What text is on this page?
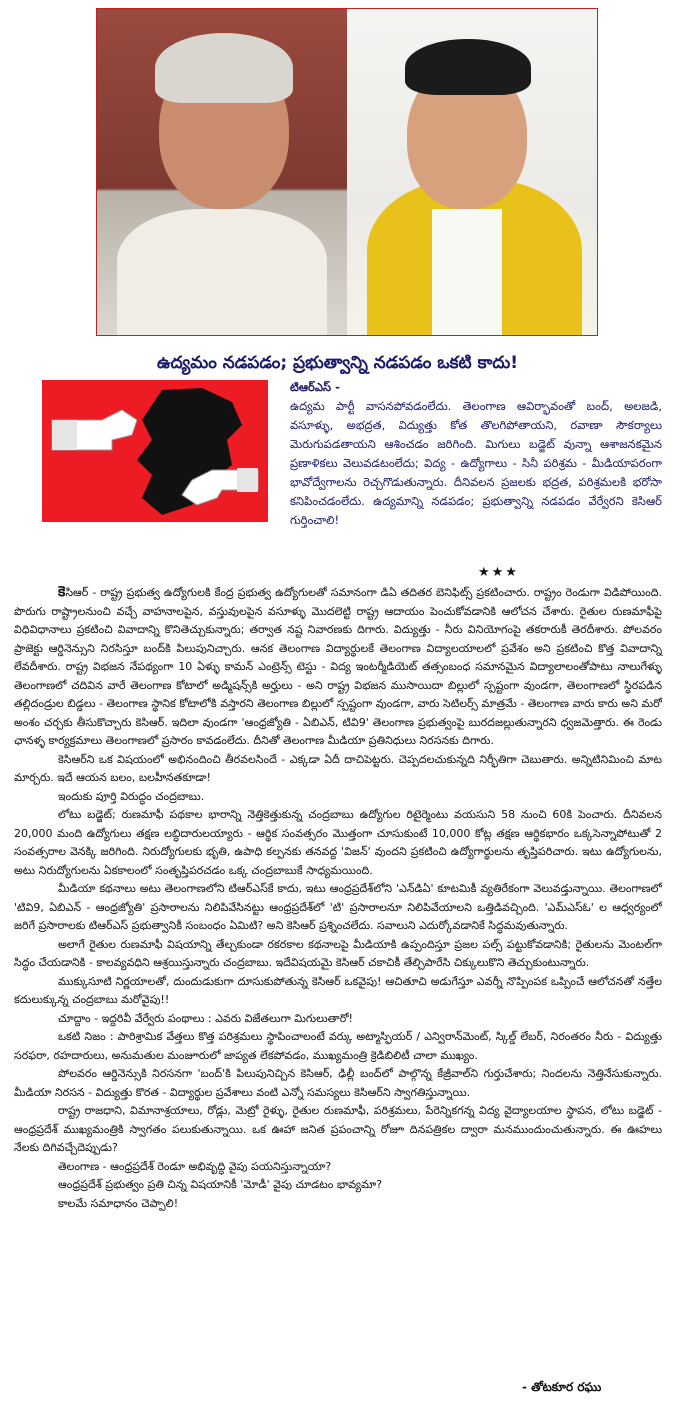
ఉద్యమం నడపడం; ప్రభుత్వాన్ని నడపడం ఒకటి కాదు!

టిఆర్ఎస్ -

ఉద్యమ పార్టీ వాసనపోవడంలేదు. తెలంగాణ ఆవిర్భావంతో బంద్, అలజడి, వసూళ్ళు, అభద్రత, విద్యుత్తు కోత తొలగిపోతాయని, రవాణా సౌకర్యాలు మెరుగుపడతాయని ఆశించడం జరిగింది. మిగులు బడ్జెట్ వున్నా ఆశాజనకమైన ప్రణాళికలు వెలువడటంలేదు; విద్య - ఉద్యోగాలు - సినీ పరిశ్రమ - మీడియాపరంగా భావోద్వేగాలను రెచ్చగొడుతున్నారు. దీనివలన ప్రజలకు భద్రత, పరిశ్రమలకి భరోసా కనిపించడంలేదు. ఉద్యమాన్ని నడపడం; ప్రభుత్వాన్ని నడపడం వేర్వేరని కెసిఆర్ గుర్తించాలి!

★★★

కెసిఆర్ - రాష్ట్ర ప్రభుత్వ ఉద్యోగులకి కేంద్ర ప్రభుత్వ ఉద్యోగులతో సమానంగా డిఏ తదితర బెనిఫిట్స్ ప్రకటించారు. రాష్ట్రం రెండుగా విడిపోయింది. పొరుగు రాష్ట్రాలనుంచి వచ్చే వాహనాలపైన, వస్తువులపైన వసూళ్ళు మొదలెట్టి రాష్ట్ర ఆదాయం పెంచుకోవడానికి ఆలోచన చేశారు. రైతుల రుణమాఫీపై విధివిధానాలు ప్రకటించి వివాదాన్ని కొనితెచ్చుకున్నారు; తర్వాత నష్ట నివారణకు దిగారు. విద్యుత్తు - నీరు వినియోగంపై తకరారుకీ తెరదీశారు. పోలవరం ప్రాజెక్టు ఆర్డినెన్సుని నిరసిస్తూ బంద్‌కి పిలుపునిచ్చారు. ఆనక తెలంగాణ విద్యార్థులకే తెలంగాణ విద్యాలయాలలో ప్రవేశం అని ప్రకటించి కొత్త వివాదాన్ని లేవదీశారు. రాష్ట్ర విభజన నేపథ్యంగా 10 ఏళ్ళు కామన్ ఎంట్రెన్స్ టెస్టు - విద్య ఇంటర్మీడియెట్ తత్సంబంధ సమానమైన విద్యాలాలంతోపాటు నాలుగేళ్ళు తెలంగాణలో చదివిన వారే తెలంగాణ కోటాలో అడ్మిషన్స్‌కి అర్హులు - అని రాష్ట్ర విభజన ముసాయిదా బిల్లులో స్పష్టంగా వుండగా, తెలంగాణలో స్థిరపడిన తల్లిదండ్రుల బిడ్డలు - తెలంగాణ స్థానిక కోటాలోకి వస్తారని తెలంగాణ బిల్లులో స్పష్టంగా వుండగా, వారు సెటిలర్స్ మాత్రమే - తెలంగాణ వారు కారు అని మరో అంశం చర్చకు తీసుకొచ్చారు కెసిఆర్. ఇదిలా వుండగా 'ఆంధ్రజ్యోతి - ఏబిఎన్, టివి9' తెలంగాణ ప్రభుత్వంపై బురదజల్లుతున్నారని ధ్వజమెత్తారు. ఈ రెండు ఛానళ్ళ కార్యక్రమాలు తెలంగాణలో ప్రసారం కావడంలేదు. దీనితో తెలంగాణ మీడియా ప్రతినిధులు నిరసనకు దిగారు.

కెసిఆర్‌ని ఒక విషయంలో అభినందించి తీరవలసిందే - ఎక్కడా ఏదీ దాచిపెట్టరు. చెప్పదలచుకున్నది నిర్భీతిగా చెబుతారు. అన్నిటినిమించి మాట మార్చరు. ఇదే ఆయన బలం, బలహీనతకూడా!

ఇందుకు పూర్తి విరుద్ధం చంద్రబాబు.

లోటు బడ్జెట్; రుణమాఫీ పథకాల భారాన్ని నెత్తికెత్తుకున్న చంద్రబాబు ఉద్యోగుల రిటైర్మెంటు వయసుని 58 నుంచి 60కి పెంచారు. దీనివలన 20,000 మంది ఉద్యోగులు తక్షణ లబ్ధిదారులయ్యారు - ఆర్థిక సంవత్సరం మొత్తంగా చూసుకుంటే 10,000 కోట్ల తక్షణ ఆర్థికభారం ఒక్కసెన్నాపోటుతో 2 సంవత్సరాల వెనక్కి జరిగింది. నిరుద్యోగులకు భృతి, ఉపాధి కల్పనకు తనవద్ద 'విజన్' వుందని ప్రకటించి ఉద్యోగార్థులను తృప్తిపరిచారు. ఇటు ఉద్యోగులను, అటు నిరుద్యోగులను ఏకకాలంలో సంతృప్తిపరచడం ఒక్క చంద్రబాబుకే సాధ్యమయింది.

మీడియా కథనాలు అటు తెలంగాణలోని టిఆర్ఎస్‌కే కాదు, ఇటు ఆంధ్రప్రదేశ్‌లోని 'ఎన్‌డిఏ' కూటమికీ వ్యతిరేకంగా వెలువడ్తున్నాయి. తెలంగాణలో 'టివి9, ఏబిఎన్ - ఆంధ్రజ్యోతి' ప్రసారాలను నిలిపివేసినట్టు ఆంధ్రప్రదేశ్‌లో 'టి' ప్రసారాలనూ నిలిపివేయాలని ఒత్తిడివచ్చింది. 'ఎమ్ఎస్ఓ' ల ఆధ్వర్యంలో జరిగే ప్రసారాలకు టిఆర్ఎస్ ప్రభుత్వానికీ సంబంధం ఏమిటి? అని కెసిఆర్ ప్రశ్నించలేదు. సవాలుని ఎదుర్కోవడానికే సిద్ధమవుతున్నారు.

అలాగే రైతుల రుణమాఫీ విషయాన్ని తేల్చకుండా రకరకాల కథనాలపై మీడియాకి ఉప్పందిస్తూ ప్రజల పల్స్ పట్టుకోవడానికి; రైతులను మెంటల్‌గా సిద్ధం చేయడానికి - కాలవ్యవధిని ఆశ్రయిస్తున్నారు చంద్రబాబు. ఇదేవిషయమై కెసిఆర్ చకాచికీ తేల్చిపారేసి చిక్కులుకొని తెచ్చుకుంటున్నారు.

ముక్కుసూటి నిర్ణయాలతో, దుందుడుకుగా దూసుకుపోతున్న కెసిఆర్ ఒకవైపు! ఆచితూచి అడుగేస్తూ ఎవర్నీ నొప్పింపక ఒప్పించే ఆలోచనతో నత్తేల కదులుక్కున్న చంద్రబాబు మరోవైపు!!

చూద్దాం - ఇద్దరివీ వేర్వేరు పంథాలు : ఎవరు విజేతలుగా మిగులుతారో!

ఒకటి నిజం : పారిశ్రామిక వేత్తలు కొత్త పరిశ్రమలు స్థాపించాలంటే వర్కు అట్మాస్ఫియర్ / ఎన్విరాన్‌మెంట్, స్కిల్డ్ లేబర్, నిరంతరం నీరు - విద్యుత్తు సరఫరా, రహదారులు, అనుమతుల మంజూరులో జాప్యత లేకపోవడం, ముఖ్యమంత్రి క్రెడిబిలిటీ చాలా ముఖ్యం.

పోలవరం ఆర్డినెన్సుకి నిరసనగా 'బంద్'కి పిలుపునిచ్చిన కెసిఆర్, ఢిల్లీ బంద్‌లో పాల్గొన్న కేజ్రీవాల్‌ని గుర్తుచేశారు; నిందలను నెత్తినేసుకున్నారు. మీడియా నిరసన - విద్యుత్తు కొరత - విద్యార్థుల ప్రవేశాలు వంటి ఎన్నో సమస్యలు కెసిఆర్‌ని స్వాగతిస్తున్నాయి.

రాష్ట్ర రాజధాని, విమానాశ్రయాలు, రోడ్లు, మెట్రో రైళ్ళు, రైతుల రుణమాఫీ, పరిశ్రమలు, పేరెన్నికగన్న విద్య వైద్యాలయాల స్థాపన, లోటు బడ్జెట్ - ఆంధ్రప్రదేశ్ ముఖ్యమంత్రికి స్వాగతం పలుకుతున్నాయి. ఒక ఊహా జనిత ప్రపంచాన్ని రోజూ దినపత్రికల ద్వారా మనముందుంచుతున్నారు. ఈ ఊహలు నేలకు దిగివచ్చేదెప్పుడు?

తెలంగాణ - ఆంధ్రప్రదేశ్ రెండూ అభివృద్ధి వైపు పయనిస్తున్నాయా?

ఆంధ్రప్రదేశ్ ప్రభుత్వం ప్రతి చిన్న విషయానికీ 'మోడీ' వైపు చూడటం భావ్యమా?

కాలమే సమాధానం చెప్పాలి!

- తోటకూర రఘు
